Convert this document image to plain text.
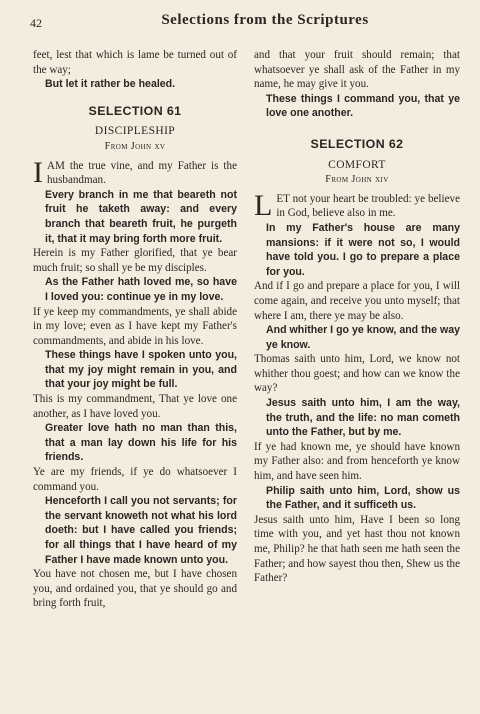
42	Selections from the Scriptures

feet, lest that which is lame be turned out of the way;

But let it rather be healed.

SELECTION 61
DISCIPLESHIP
From John xv

IAM the true vine, and my Father is the husbandman.

Every branch in me that beareth not fruit he taketh away: and every branch that beareth fruit, he purgeth it, that it may bring forth more fruit.

Herein is my Father glorified, that ye bear much fruit; so shall ye be my disciples.

As the Father hath loved me, so have I loved you: continue ye in my love.

If ye keep my commandments, ye shall abide in my love; even as I have kept my Father's commandments, and abide in his love.

These things have I spoken unto you, that my joy might remain in you, and that your joy might be full.

This is my commandment, That ye love one another, as I have loved you.

Greater love hath no man than this, that a man lay down his life for his friends.

Ye are my friends, if ye do whatsoever I command you.

Henceforth I call you not servants; for the servant knoweth not what his lord doeth: but I have called you friends; for all things that I have heard of my Father I have made known unto you.

You have not chosen me, but I have chosen you, and ordained you, that ye should go and bring forth fruit,

and that your fruit should remain; that whatsoever ye shall ask of the Father in my name, he may give it you.

These things I command you, that ye love one another.

SELECTION 62
COMFORT
From John xiv

LET not your heart be troubled: ye believe in God, believe also in me.

In my Father's house are many mansions: if it were not so, I would have told you. I go to prepare a place for you.

And if I go and prepare a place for you, I will come again, and receive you unto myself; that where I am, there ye may be also.

And whither I go ye know, and the way ye know.

Thomas saith unto him, Lord, we know not whither thou goest; and how can we know the way?

Jesus saith unto him, I am the way, the truth, and the life: no man cometh unto the Father, but by me.

If ye had known me, ye should have known my Father also: and from henceforth ye know him, and have seen him.

Philip saith unto him, Lord, show us the Father, and it sufficeth us.

Jesus saith unto him, Have I been so long time with you, and yet hast thou not known me, Philip? he that hath seen me hath seen the Father; and how sayest thou then, Shew us the Father?
